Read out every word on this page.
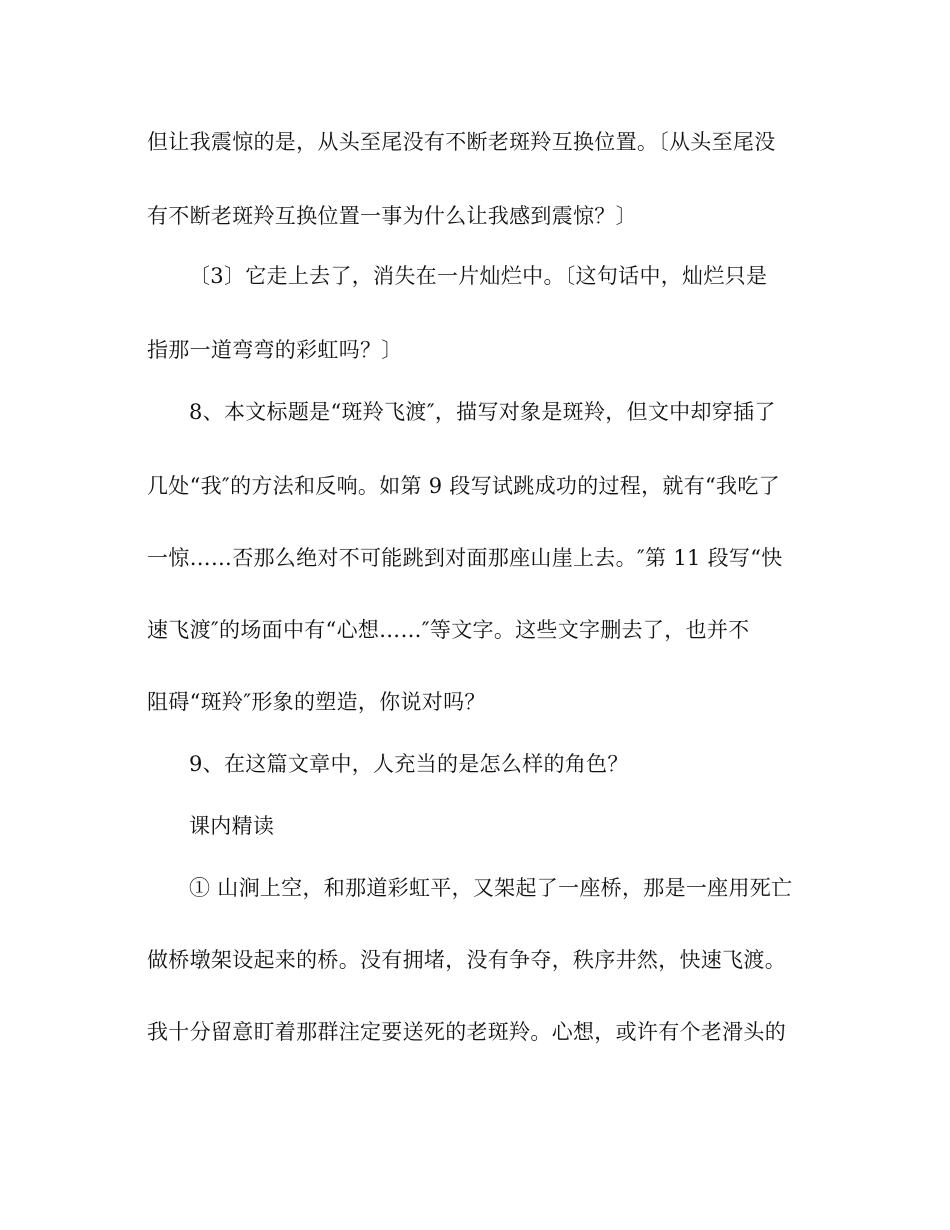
但让我震惊的是，从头至尾没有不断老斑羚互换位置。〔从头至尾没
有不断老斑羚互换位置一事为什么让我感到震惊？〕
〔3〕它走上去了，消失在一片灿烂中。〔这句话中，灿烂只是
指那一道弯弯的彩虹吗？〕
8、本文标题是“斑羚飞渡″，描写对象是斑羚，但文中却穿插了
几处“我″的方法和反响。如第 9 段写试跳成功的过程，就有“我吃了
一惊……否那么绝对不可能跳到对面那座山崖上去。″第 11 段写“快
速飞渡″的场面中有“心想……″等文字。这些文字删去了，也并不
阻碍“斑羚″形象的塑造，你说对吗？
9、在这篇文章中，人充当的是怎么样的角色？
课内精读
① 山涧上空，和那道彩虹平，又架起了一座桥，那是一座用死亡
做桥墩架设起来的桥。没有拥堵，没有争夺，秩序井然，快速飞渡。
我十分留意盯着那群注定要送死的老斑羚。心想，或许有个老滑头的
